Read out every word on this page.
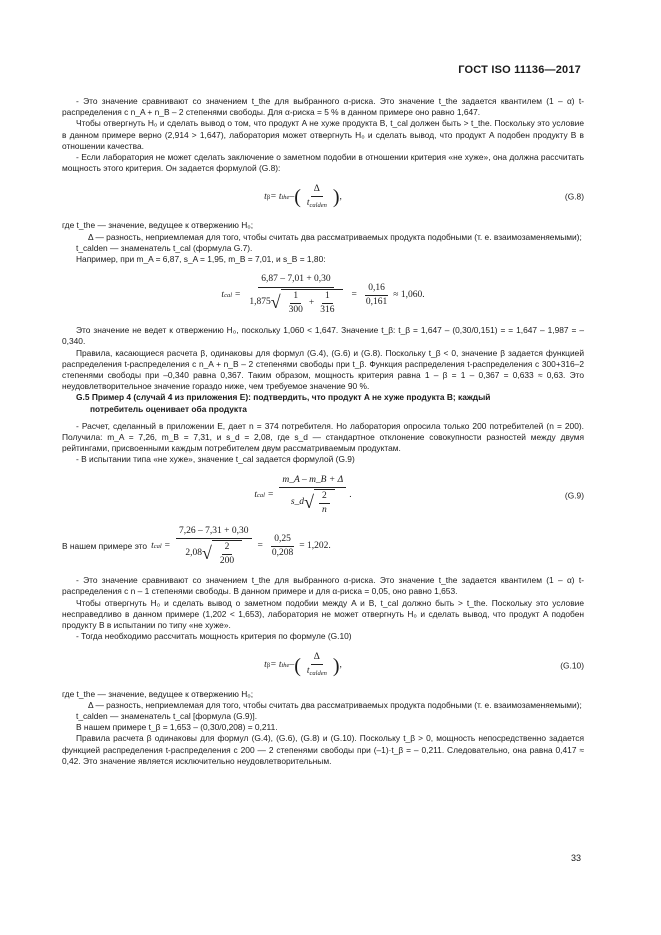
ГОСТ ISO 11136—2017

- Это значение сравнивают со значением t_the для выбранного α-риска. Это значение t_the задается квантилем (1 – α) t-распределения с n_A + n_B – 2 степенями свободы. Для α-риска = 5 % в данном примере оно равно 1,647.

Чтобы отвергнуть H₀ и сделать вывод о том, что продукт A не хуже продукта B, t_cal должен быть > t_the. Поскольку это условие в данном примере верно (2,914 > 1,647), лаборатория может отвергнуть H₀ и сделать вывод, что продукт A подобен продукту B в отношении качества.

- Если лаборатория не может сделать заключение о заметном подобии в отношении критерия «не хуже», она должна рассчитать мощность этого критерия. Он задается формулой (G.8):

t β = t the – ( $\frac{\Delta}{t_{calden}}$ ) ,	(G.8)

где t_the — значение, ведущее к отвержению H₀;

Δ — разность, неприемлемая для того, чтобы считать два рассматриваемых продукта подобными (т. е. взаимозаменяемыми);

t_calden — знаменатель t_cal (формула G.7).

Например, при m_A = 6,87, s_A = 1,95, m_B = 7,01, и s_B = 1,80:

t cal =
6,87 – 7,01 + 0,30
1,875 √ $\frac{1}{300} + \frac{1}{316} = \frac{0,16}{0,161} \approx 1,060$.

Это значение не ведет к отвержению H₀, поскольку 1,060 < 1,647. Значение t_β: t_β = 1,647 – (0,30/0,151) = = 1,647 – 1,987 = – 0,340.

Правила, касающиеся расчета β, одинаковы для формул (G.4), (G.6) и (G.8). Поскольку t_β < 0, значение β задается функцией распределения t-распределения с n_A + n_B – 2 степенями свободы при t_β. Функция распределения t-распределения с 300+316–2 степенями свободы при –0,340 равна 0,367. Таким образом, мощность критерия равна 1 – β = 1 – 0,367 = 0,633 ≈ 0,63. Это неудовлетворительное значение гораздо ниже, чем требуемое значение 90 %.

G.5 Пример 4 (случай 4 из приложения E): подтвердить, что продукт A не хуже продукта B; каждый

потребитель оценивает оба продукта

- Расчет, сделанный в приложении E, дает n = 374 потребителя. Но лаборатория опросила только 200 потребителей (n = 200). Получила: m_A = 7,26, m_B = 7,31, и s_d = 2,08, где s_d — стандартное отклонение совокупности разностей между двумя рейтингами, присвоенными каждым потребителем двум рассматриваемым продуктам.

- В испытании типа «не хуже», значение t_cal задается формулой (G.9)

t cal = $\frac{m\_A - m\_B + \Delta}{s\_d √ \frac{2}{n}}$ .	(G.9)
В нашем примере это t cal = $\frac{7,26 - 7,31 + 0,30}{2,08 √ \frac{2}{200}} = \frac{0,25}{0,208} = 1,202$.

- Это значение сравнивают со значением t_the для выбранного α-риска. Это значение t_the задается квантилем (1 – α) t-распределения с n – 1 степенями свободы. В данном примере и для α-риска = 0,05, оно равно 1,653.

Чтобы отвергнуть H₀ и сделать вывод о заметном подобии между A и B, t_cal должно быть > t_the. Поскольку это условие несправедливо в данном примере (1,202 < 1,653), лаборатория не может отвергнуть H₀ и сделать вывод, что продукт A подобен продукту B в испытании по типу «не хуже».

- Тогда необходимо рассчитать мощность критерия по формуле (G.10)

t β = t the – ( $\frac{\Delta}{t_{calden}}$ ) ,	(G.10)

где t_the — значение, ведущее к отвержению H₀;

Δ — разность, неприемлемая для того, чтобы считать два рассматриваемых продукта подобными (т. е. взаимозаменяемыми);

t_calden — знаменатель t_cal [формула (G.9)].

В нашем примере t_β = 1,653 – (0,30/0,208) = 0,211.

Правила расчета β одинаковы для формул (G.4), (G.6), (G.8) и (G.10). Поскольку t_β > 0, мощность непосредственно задается функцией распределения t-распределения с 200 — 2 степенями свободы при (–1)·t_β = – 0,211. Следовательно, она равна 0,417 ≈ 0,42. Это значение является исключительно неудовлетворительным.

33
